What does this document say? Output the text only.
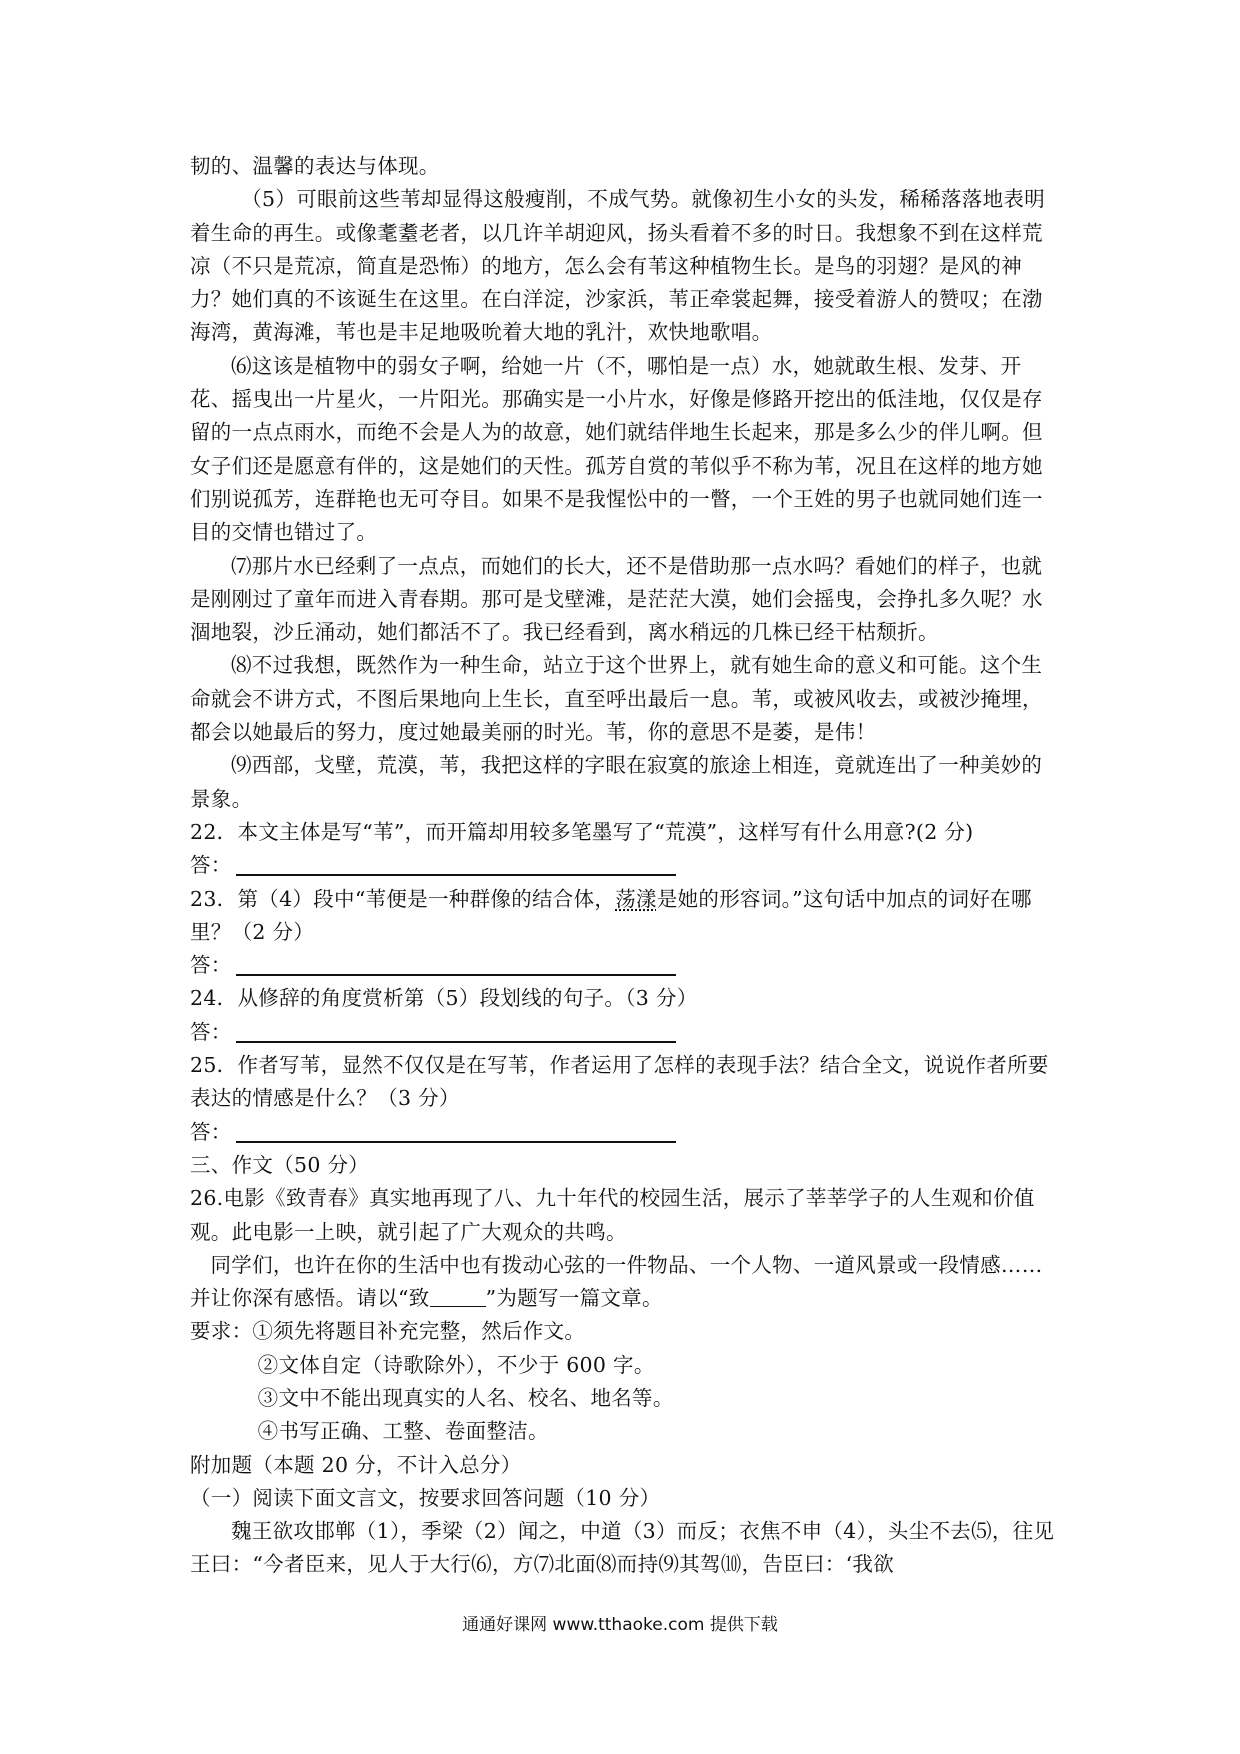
韧的、温馨的表达与体现。

（5）可眼前这些苇却显得这般瘦削，不成气势。就像初生小女的头发，稀稀落落地表明着生命的再生。或像耄耋老者，以几许羊胡迎风，扬头看着不多的时日。我想象不到在这样荒凉（不只是荒凉，简直是恐怖）的地方，怎么会有苇这种植物生长。是鸟的羽翅？是风的神力？她们真的不该诞生在这里。在白洋淀，沙家浜，苇正牵裳起舞，接受着游人的赞叹；在渤海湾，黄海滩，苇也是丰足地吸吮着大地的乳汁，欢快地歌唱。

⑹这该是植物中的弱女子啊，给她一片（不，哪怕是一点）水，她就敢生根、发芽、开花、摇曳出一片星火，一片阳光。那确实是一小片水，好像是修路开挖出的低洼地，仅仅是存留的一点点雨水，而绝不会是人为的故意，她们就结伴地生长起来，那是多么少的伴儿啊。但女子们还是愿意有伴的，这是她们的天性。孤芳自赏的苇似乎不称为苇，况且在这样的地方她们别说孤芳，连群艳也无可夺目。如果不是我惺忪中的一瞥，一个王姓的男子也就同她们连一目的交情也错过了。

⑺那片水已经剩了一点点，而她们的长大，还不是借助那一点水吗？看她们的样子，也就是刚刚过了童年而进入青春期。那可是戈壁滩，是茫茫大漠，她们会摇曳，会挣扎多久呢？水涸地裂，沙丘涌动，她们都活不了。我已经看到，离水稍远的几株已经干枯颓折。

⑻不过我想，既然作为一种生命，站立于这个世界上，就有她生命的意义和可能。这个生命就会不讲方式，不图后果地向上生长，直至呼出最后一息。苇，或被风收去，或被沙掩埋，都会以她最后的努力，度过她最美丽的时光。苇，你的意思不是萎，是伟！

⑼西部，戈壁，荒漠，苇，我把这样的字眼在寂寞的旅途上相连，竟就连出了一种美妙的景象。

22．本文主体是写“苇”，而开篇却用较多笔墨写了“荒漠”，这样写有什么用意?(2 分)

答：

23．第（4）段中“苇便是一种群像的结合体，荡漾是她的形容词。”这句话中加点的词好在哪里？（2 分）

答：

24．从修辞的角度赏析第（5）段划线的句子。（3 分）

答：

25．作者写苇，显然不仅仅是在写苇，作者运用了怎样的表现手法？结合全文，说说作者所要表达的情感是什么？（3 分）

答：

三、作文（50 分）

26.电影《致青春》真实地再现了八、九十年代的校园生活，展示了莘莘学子的人生观和价值观。此电影一上映，就引起了广大观众的共鸣。

同学们，也许在你的生活中也有拨动心弦的一件物品、一个人物、一道风景或一段情感……并让你深有感悟。请以“致	”为题写一篇文章。

要求：①须先将题目补充完整，然后作文。

②文体自定（诗歌除外），不少于 600 字。

③文中不能出现真实的人名、校名、地名等。

④书写正确、工整、卷面整洁。

附加题（本题 20 分，不计入总分）

（一）阅读下面文言文，按要求回答问题（10 分）

魏王欲攻邯郸（1），季梁（2）闻之，中道（3）而反；衣焦不申（4），头尘不去⑸，往见王曰：“今者臣来，见人于大行⑹，方⑺北面⑻而持⑼其驾⑽，告臣曰：‘我欲

通通好课网 www.tthaoke.com 提供下载
